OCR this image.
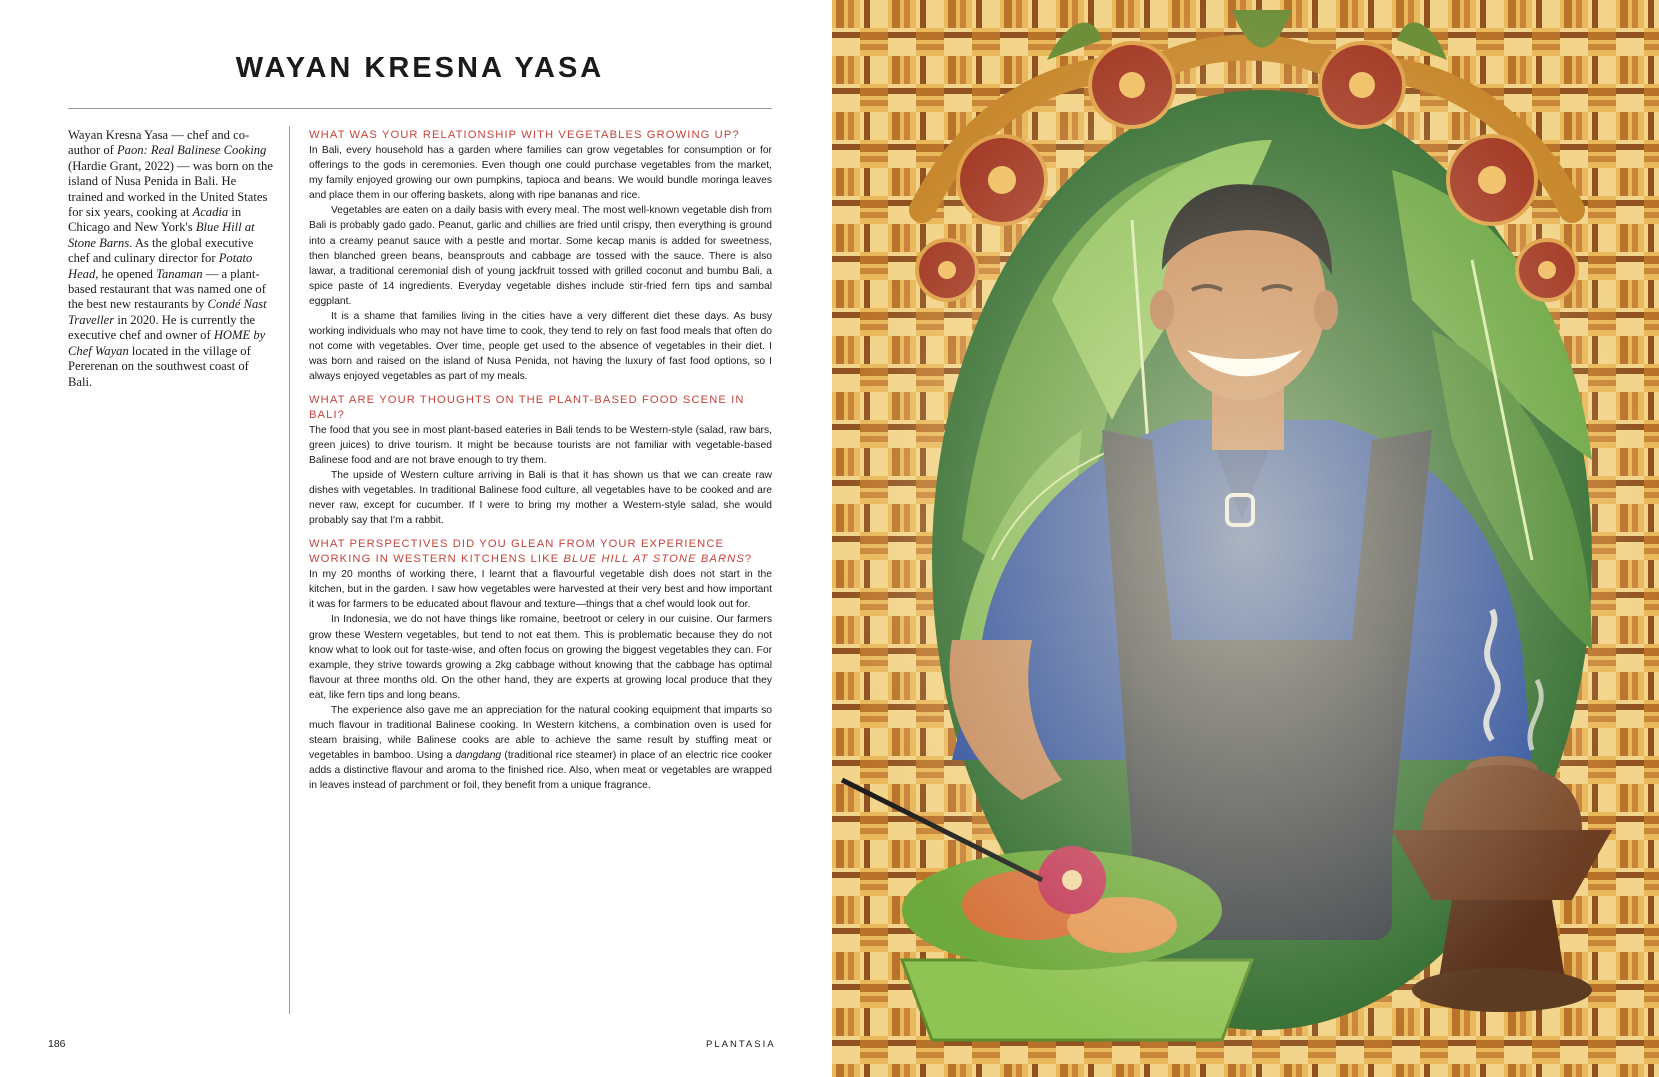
WAYAN KRESNA YASA
Wayan Kresna Yasa — chef and co-author of Paon: Real Balinese Cooking (Hardie Grant, 2022) — was born on the island of Nusa Penida in Bali. He trained and worked in the United States for six years, cooking at Acadia in Chicago and New York's Blue Hill at Stone Barns. As the global executive chef and culinary director for Potato Head, he opened Tanaman — a plant-based restaurant that was named one of the best new restaurants by Condé Nast Traveller in 2020. He is currently the executive chef and owner of HOME by Chef Wayan located in the village of Pererenan on the southwest coast of Bali.

WHAT WAS YOUR RELATIONSHIP WITH VEGETABLES GROWING UP?

In Bali, every household has a garden where families can grow vegetables for consumption or for offerings to the gods in ceremonies. Even though one could purchase vegetables from the market, my family enjoyed growing our own pumpkins, tapioca and beans. We would bundle moringa leaves and place them in our offering baskets, along with ripe bananas and rice.

Vegetables are eaten on a daily basis with every meal. The most well-known vegetable dish from Bali is probably gado gado. Peanut, garlic and chillies are fried until crispy, then everything is ground into a creamy peanut sauce with a pestle and mortar. Some kecap manis is added for sweetness, then blanched green beans, beansprouts and cabbage are tossed with the sauce. There is also lawar, a traditional ceremonial dish of young jackfruit tossed with grilled coconut and bumbu Bali, a spice paste of 14 ingredients. Everyday vegetable dishes include stir-fried fern tips and sambal eggplant.

It is a shame that families living in the cities have a very different diet these days. As busy working individuals who may not have time to cook, they tend to rely on fast food meals that often do not come with vegetables. Over time, people get used to the absence of vegetables in their diet. I was born and raised on the island of Nusa Penida, not having the luxury of fast food options, so I always enjoyed vegetables as part of my meals.

WHAT ARE YOUR THOUGHTS ON THE PLANT-BASED FOOD SCENE IN BALI?

The food that you see in most plant-based eateries in Bali tends to be Western-style (salad, raw bars, green juices) to drive tourism. It might be because tourists are not familiar with vegetable-based Balinese food and are not brave enough to try them.

The upside of Western culture arriving in Bali is that it has shown us that we can create raw dishes with vegetables. In traditional Balinese food culture, all vegetables have to be cooked and are never raw, except for cucumber. If I were to bring my mother a Western-style salad, she would probably say that I'm a rabbit.

WHAT PERSPECTIVES DID YOU GLEAN FROM YOUR EXPERIENCE
WORKING IN WESTERN KITCHENS LIKE BLUE HILL AT STONE BARNS?

In my 20 months of working there, I learnt that a flavourful vegetable dish does not start in the kitchen, but in the garden. I saw how vegetables were harvested at their very best and how important it was for farmers to be educated about flavour and texture—things that a chef would look out for.

In Indonesia, we do not have things like romaine, beetroot or celery in our cuisine. Our farmers grow these Western vegetables, but tend to not eat them. This is problematic because they do not know what to look out for taste-wise, and often focus on growing the biggest vegetables they can. For example, they strive towards growing a 2kg cabbage without knowing that the cabbage has optimal flavour at three months old. On the other hand, they are experts at growing local produce that they eat, like fern tips and long beans.

The experience also gave me an appreciation for the natural cooking equipment that imparts so much flavour in traditional Balinese cooking. In Western kitchens, a combination oven is used for steam braising, while Balinese cooks are able to achieve the same result by stuffing meat or vegetables in bamboo. Using a dangdang (traditional rice steamer) in place of an electric rice cooker adds a distinctive flavour and aroma to the finished rice. Also, when meat or vegetables are wrapped in leaves instead of parchment or foil, they benefit from a unique fragrance.

186	PLANTASIA
